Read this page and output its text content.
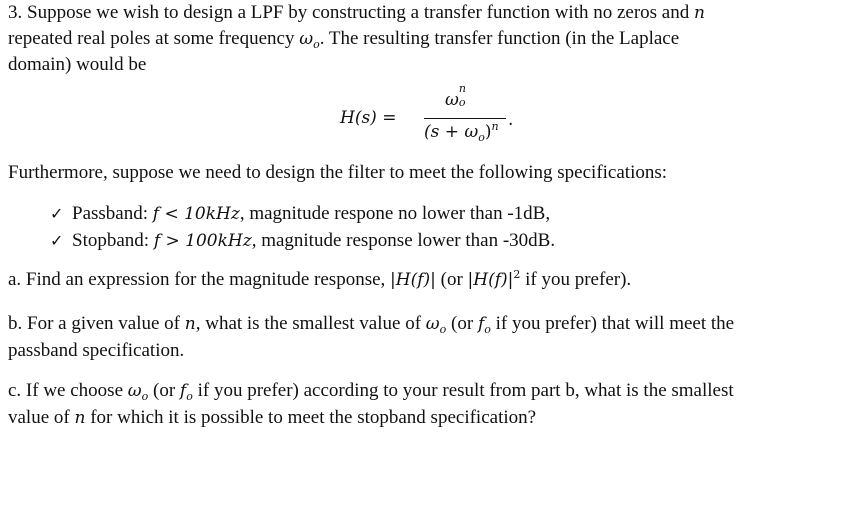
3. Suppose we wish to design a LPF by constructing a transfer function with no zeros and n
repeated real poles at some frequency $\omega_o$. The resulting transfer function (in the Laplace
domain) would be
H(s) =
ω
n
o
$(s + \omega_o)^n$ .
Furthermore, suppose we need to design the filter to meet the following specifications:
✓ Passband: f < 10kHz, magnitude respone no lower than -1dB,
✓ Stopband: f > 100kHz, magnitude response lower than -30dB.
a. Find an expression for the magnitude response, |H(f)| (or $|H(f)|^2$ if you prefer).
b. For a given value of n, what is the smallest value of $\omega_o$ (or $f_o$ if you prefer) that will meet the
passband specification.
c. If we choose $\omega_o$ (or $f_o$ if you prefer) according to your result from part b, what is the smallest
value of n for which it is possible to meet the stopband specification?
